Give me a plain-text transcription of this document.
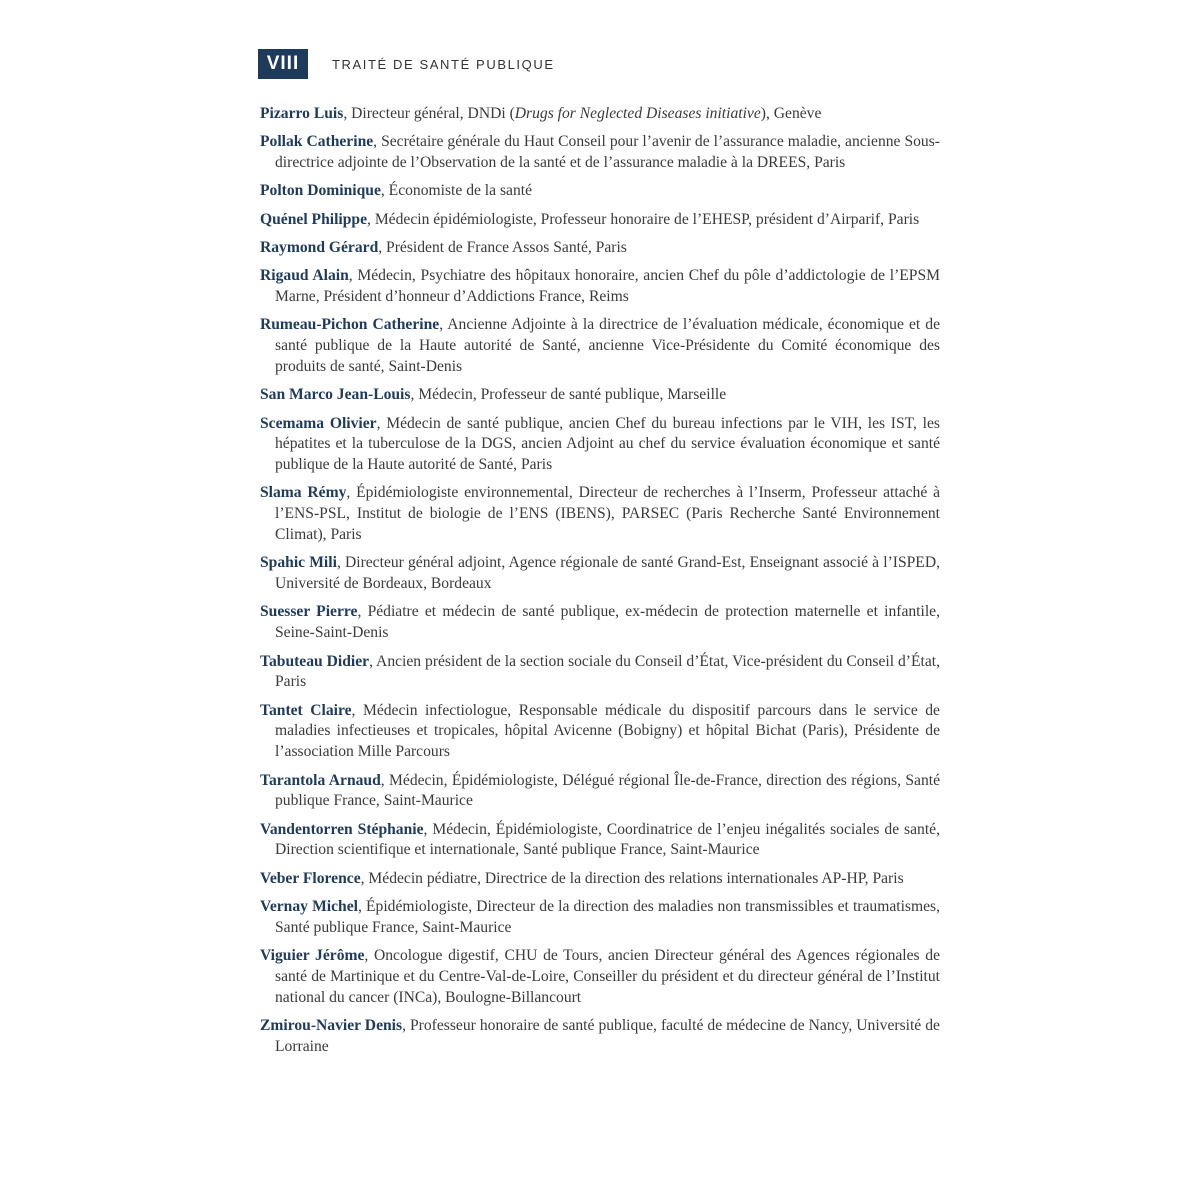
VIII	TRAITÉ DE SANTÉ PUBLIQUE
Pizarro Luis, Directeur général, DNDi (Drugs for Neglected Diseases initiative), Genève
Pollak Catherine, Secrétaire générale du Haut Conseil pour l’avenir de l’assurance maladie, ancienne Sous-directrice adjointe de l’Observation de la santé et de l’assurance maladie à la DREES, Paris
Polton Dominique, Économiste de la santé
Quénel Philippe, Médecin épidémiologiste, Professeur honoraire de l’EHESP, président d’Airparif, Paris
Raymond Gérard, Président de France Assos Santé, Paris
Rigaud Alain, Médecin, Psychiatre des hôpitaux honoraire, ancien Chef du pôle d’addictologie de l’EPSM Marne, Président d’honneur d’Addictions France, Reims
Rumeau-Pichon Catherine, Ancienne Adjointe à la directrice de l’évaluation médicale, économique et de santé publique de la Haute autorité de Santé, ancienne Vice-Présidente du Comité économique des produits de santé, Saint-Denis
San Marco Jean-Louis, Médecin, Professeur de santé publique, Marseille
Scemama Olivier, Médecin de santé publique, ancien Chef du bureau infections par le VIH, les IST, les hépatites et la tuberculose de la DGS, ancien Adjoint au chef du service évaluation économique et santé publique de la Haute autorité de Santé, Paris
Slama Rémy, Épidémiologiste environnemental, Directeur de recherches à l’Inserm, Professeur attaché à l’ENS-PSL, Institut de biologie de l’ENS (IBENS), PARSEC (Paris Recherche Santé Environnement Climat), Paris
Spahic Mili, Directeur général adjoint, Agence régionale de santé Grand-Est, Enseignant associé à l’ISPED, Université de Bordeaux, Bordeaux
Suesser Pierre, Pédiatre et médecin de santé publique, ex-médecin de protection maternelle et infantile, Seine-Saint-Denis
Tabuteau Didier, Ancien président de la section sociale du Conseil d’État, Vice-président du Conseil d’État, Paris
Tantet Claire, Médecin infectiologue, Responsable médicale du dispositif parcours dans le service de maladies infectieuses et tropicales, hôpital Avicenne (Bobigny) et hôpital Bichat (Paris), Présidente de l’association Mille Parcours
Tarantola Arnaud, Médecin, Épidémiologiste, Délégué régional Île-de-France, direction des régions, Santé publique France, Saint-Maurice
Vandentorren Stéphanie, Médecin, Épidémiologiste, Coordinatrice de l’enjeu inégalités sociales de santé, Direction scientifique et internationale, Santé publique France, Saint-Maurice
Veber Florence, Médecin pédiatre, Directrice de la direction des relations internationales AP-HP, Paris
Vernay Michel, Épidémiologiste, Directeur de la direction des maladies non transmissibles et traumatismes, Santé publique France, Saint-Maurice
Viguier Jérôme, Oncologue digestif, CHU de Tours, ancien Directeur général des Agences régionales de santé de Martinique et du Centre-Val-de-Loire, Conseiller du président et du directeur général de l’Institut national du cancer (INCa), Boulogne-Billancourt
Zmirou-Navier Denis, Professeur honoraire de santé publique, faculté de médecine de Nancy, Université de Lorraine
